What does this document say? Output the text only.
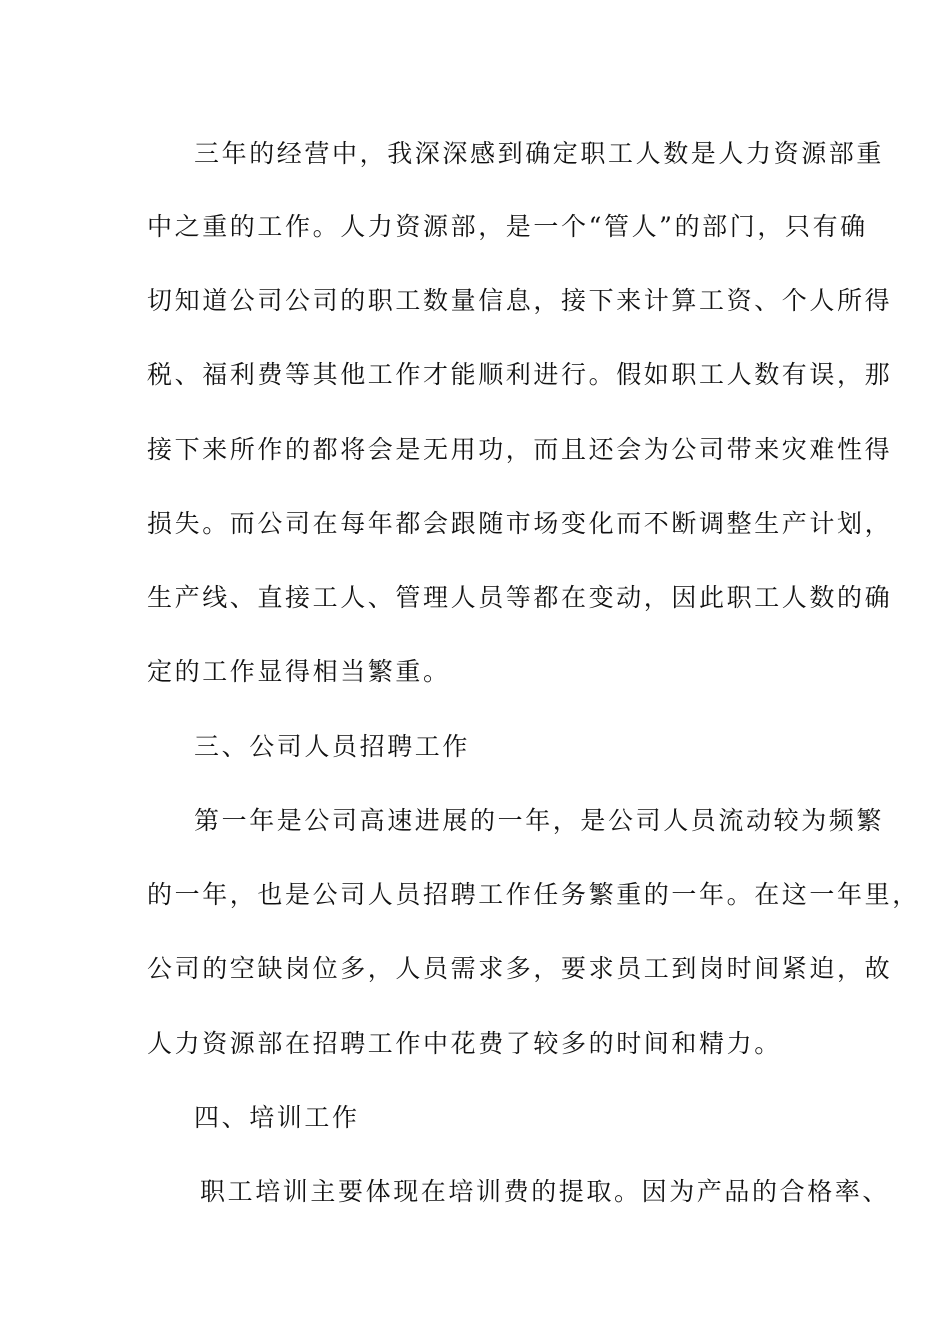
三年的经营中，我深深感到确定职工人数是人力资源部重
中之重的工作。人力资源部，是一个“管人”的部门，只有确
切知道公司公司的职工数量信息，接下来计算工资、个人所得
税、福利费等其他工作才能顺利进行。假如职工人数有误，那
接下来所作的都将会是无用功，而且还会为公司带来灾难性得
损失。而公司在每年都会跟随市场变化而不断调整生产计划，
生产线、直接工人、管理人员等都在变动，因此职工人数的确
定的工作显得相当繁重。
三、公司人员招聘工作
第一年是公司高速进展的一年，是公司人员流动较为频繁
的一年，也是公司人员招聘工作任务繁重的一年。在这一年里，
公司的空缺岗位多，人员需求多，要求员工到岗时间紧迫，故
人力资源部在招聘工作中花费了较多的时间和精力。
四、培训工作
职工培训主要体现在培训费的提取。因为产品的合格率、
